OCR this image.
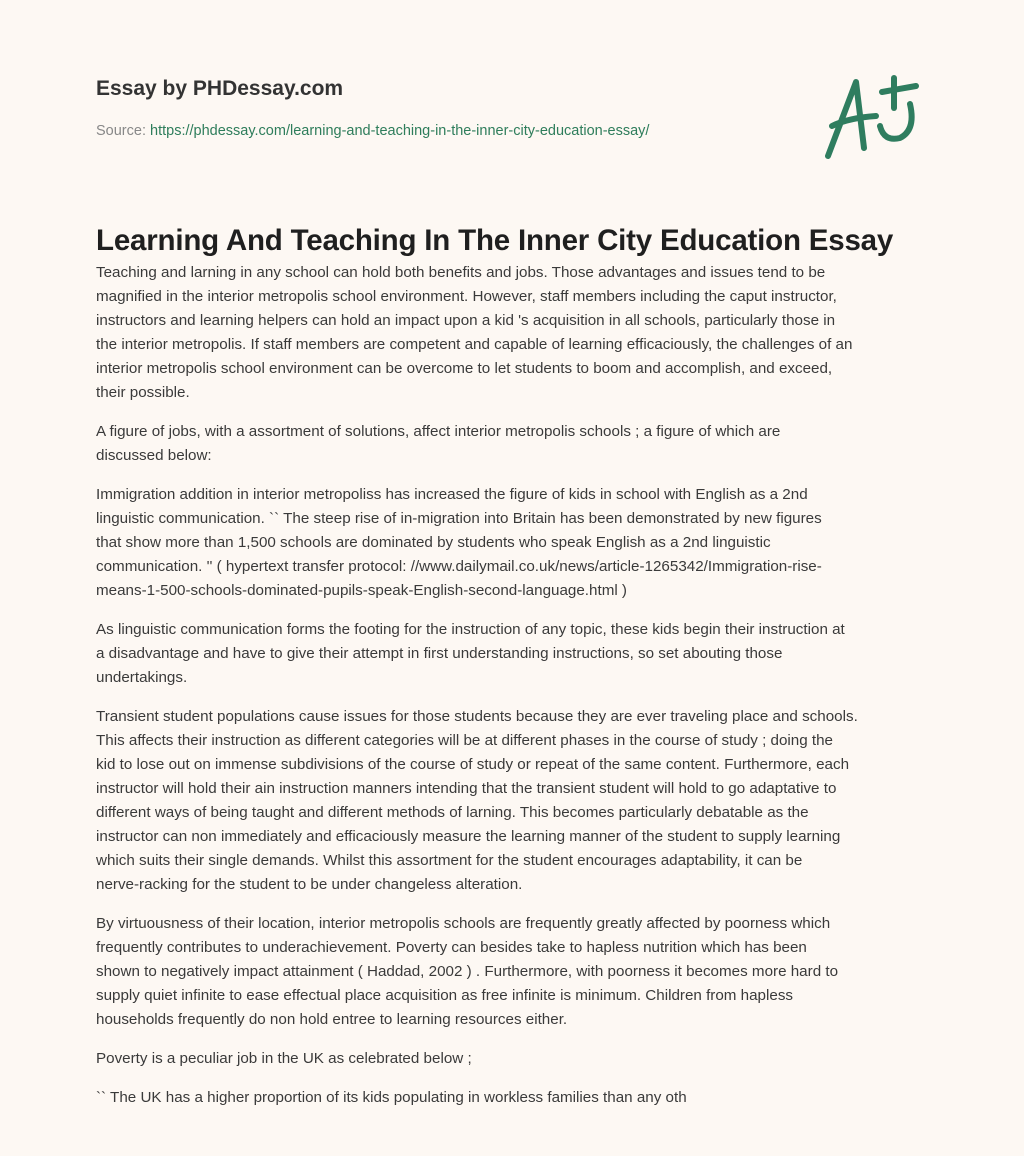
Essay by PHDessay.com
Source: https://phdessay.com/learning-and-teaching-in-the-inner-city-education-essay/
Learning And Teaching In The Inner City Education Essay

Teaching and larning in any school can hold both benefits and jobs. Those advantages and issues tend to be
magnified in the interior metropolis school environment. However, staff members including the caput instructor,
instructors and learning helpers can hold an impact upon a kid 's acquisition in all schools, particularly those in
the interior metropolis. If staff members are competent and capable of learning efficaciously, the challenges of an
interior metropolis school environment can be overcome to let students to boom and accomplish, and exceed,
their possible.

A figure of jobs, with a assortment of solutions, affect interior metropolis schools ; a figure of which are
discussed below:

Immigration addition in interior metropoliss has increased the figure of kids in school with English as a 2nd
linguistic communication. `` The steep rise of in-migration into Britain has been demonstrated by new figures
that show more than 1,500 schools are dominated by students who speak English as a 2nd linguistic
communication. '' ( hypertext transfer protocol: //www.dailymail.co.uk/news/article-1265342/Immigration-rise-
means-1-500-schools-dominated-pupils-speak-English-second-language.html )

As linguistic communication forms the footing for the instruction of any topic, these kids begin their instruction at
a disadvantage and have to give their attempt in first understanding instructions, so set abouting those
undertakings.

Transient student populations cause issues for those students because they are ever traveling place and schools.
This affects their instruction as different categories will be at different phases in the course of study ; doing the
kid to lose out on immense subdivisions of the course of study or repeat of the same content. Furthermore, each
instructor will hold their ain instruction manners intending that the transient student will hold to go adaptative to
different ways of being taught and different methods of larning. This becomes particularly debatable as the
instructor can non immediately and efficaciously measure the learning manner of the student to supply learning
which suits their single demands. Whilst this assortment for the student encourages adaptability, it can be
nerve-racking for the student to be under changeless alteration.

By virtuousness of their location, interior metropolis schools are frequently greatly affected by poorness which
frequently contributes to underachievement. Poverty can besides take to hapless nutrition which has been
shown to negatively impact attainment ( Haddad, 2002 ) . Furthermore, with poorness it becomes more hard to
supply quiet infinite to ease effectual place acquisition as free infinite is minimum. Children from hapless
households frequently do non hold entree to learning resources either.

Poverty is a peculiar job in the UK as celebrated below ;

`` The UK has a higher proportion of its kids populating in workless families than any oth
